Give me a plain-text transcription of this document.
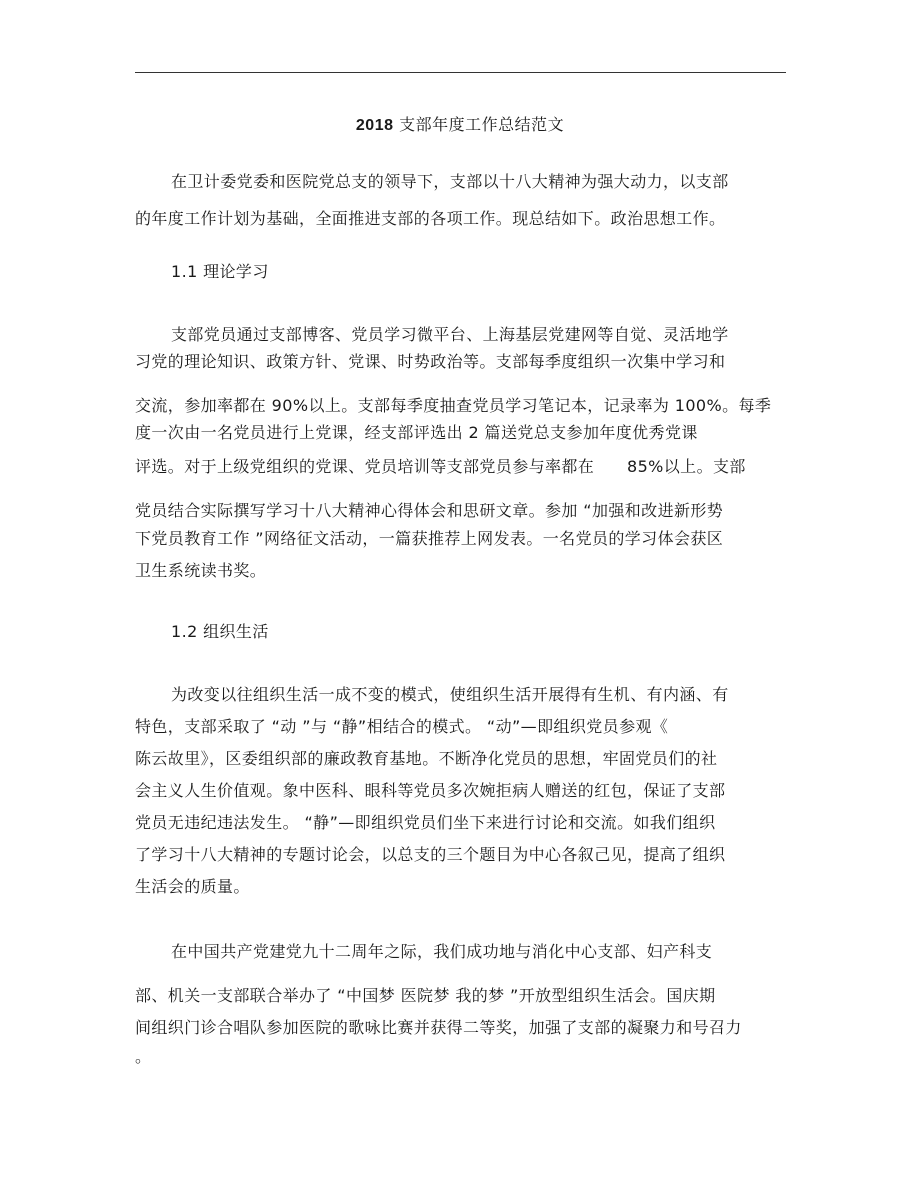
2018 支部年度工作总结范文
在卫计委党委和医院党总支的领导下，支部以十八大精神为强大动力，以支部
的年度工作计划为基础，全面推进支部的各项工作。现总结如下。政治思想工作。
1.1 理论学习
支部党员通过支部博客、党员学习微平台、上海基层党建网等自觉、灵活地学
习党的理论知识、政策方针、党课、时势政治等。支部每季度组织一次集中学习和
交流，参加率都在 90%以上。支部每季度抽查党员学习笔记本，记录率为 100%。每季
度一次由一名党员进行上党课，经支部评选出 2 篇送党总支参加年度优秀党课
评选。对于上级党组织的党课、党员培训等支部党员参与率都在　　85%以上。支部
党员结合实际撰写学习十八大精神心得体会和思研文章。参加 “加强和改进新形势
下党员教育工作 ”网络征文活动，一篇获推荐上网发表。一名党员的学习体会获区
卫生系统读书奖。
1.2 组织生活
为改变以往组织生活一成不变的模式，使组织生活开展得有生机、有内涵、有
特色，支部采取了 “动 ”与 “静”相结合的模式。 “动”—即组织党员参观《
陈云故里》，区委组织部的廉政教育基地。不断净化党员的思想，牢固党员们的社
会主义人生价值观。象中医科、眼科等党员多次婉拒病人赠送的红包，保证了支部
党员无违纪违法发生。 “静”—即组织党员们坐下来进行讨论和交流。如我们组织
了学习十八大精神的专题讨论会，以总支的三个题目为中心各叙己见，提高了组织
生活会的质量。
在中国共产党建党九十二周年之际，我们成功地与消化中心支部、妇产科支
部、机关一支部联合举办了 “中国梦 医院梦 我的梦 ”开放型组织生活会。国庆期
间组织门诊合唱队参加医院的歌咏比赛并获得二等奖，加强了支部的凝聚力和号召力
。
